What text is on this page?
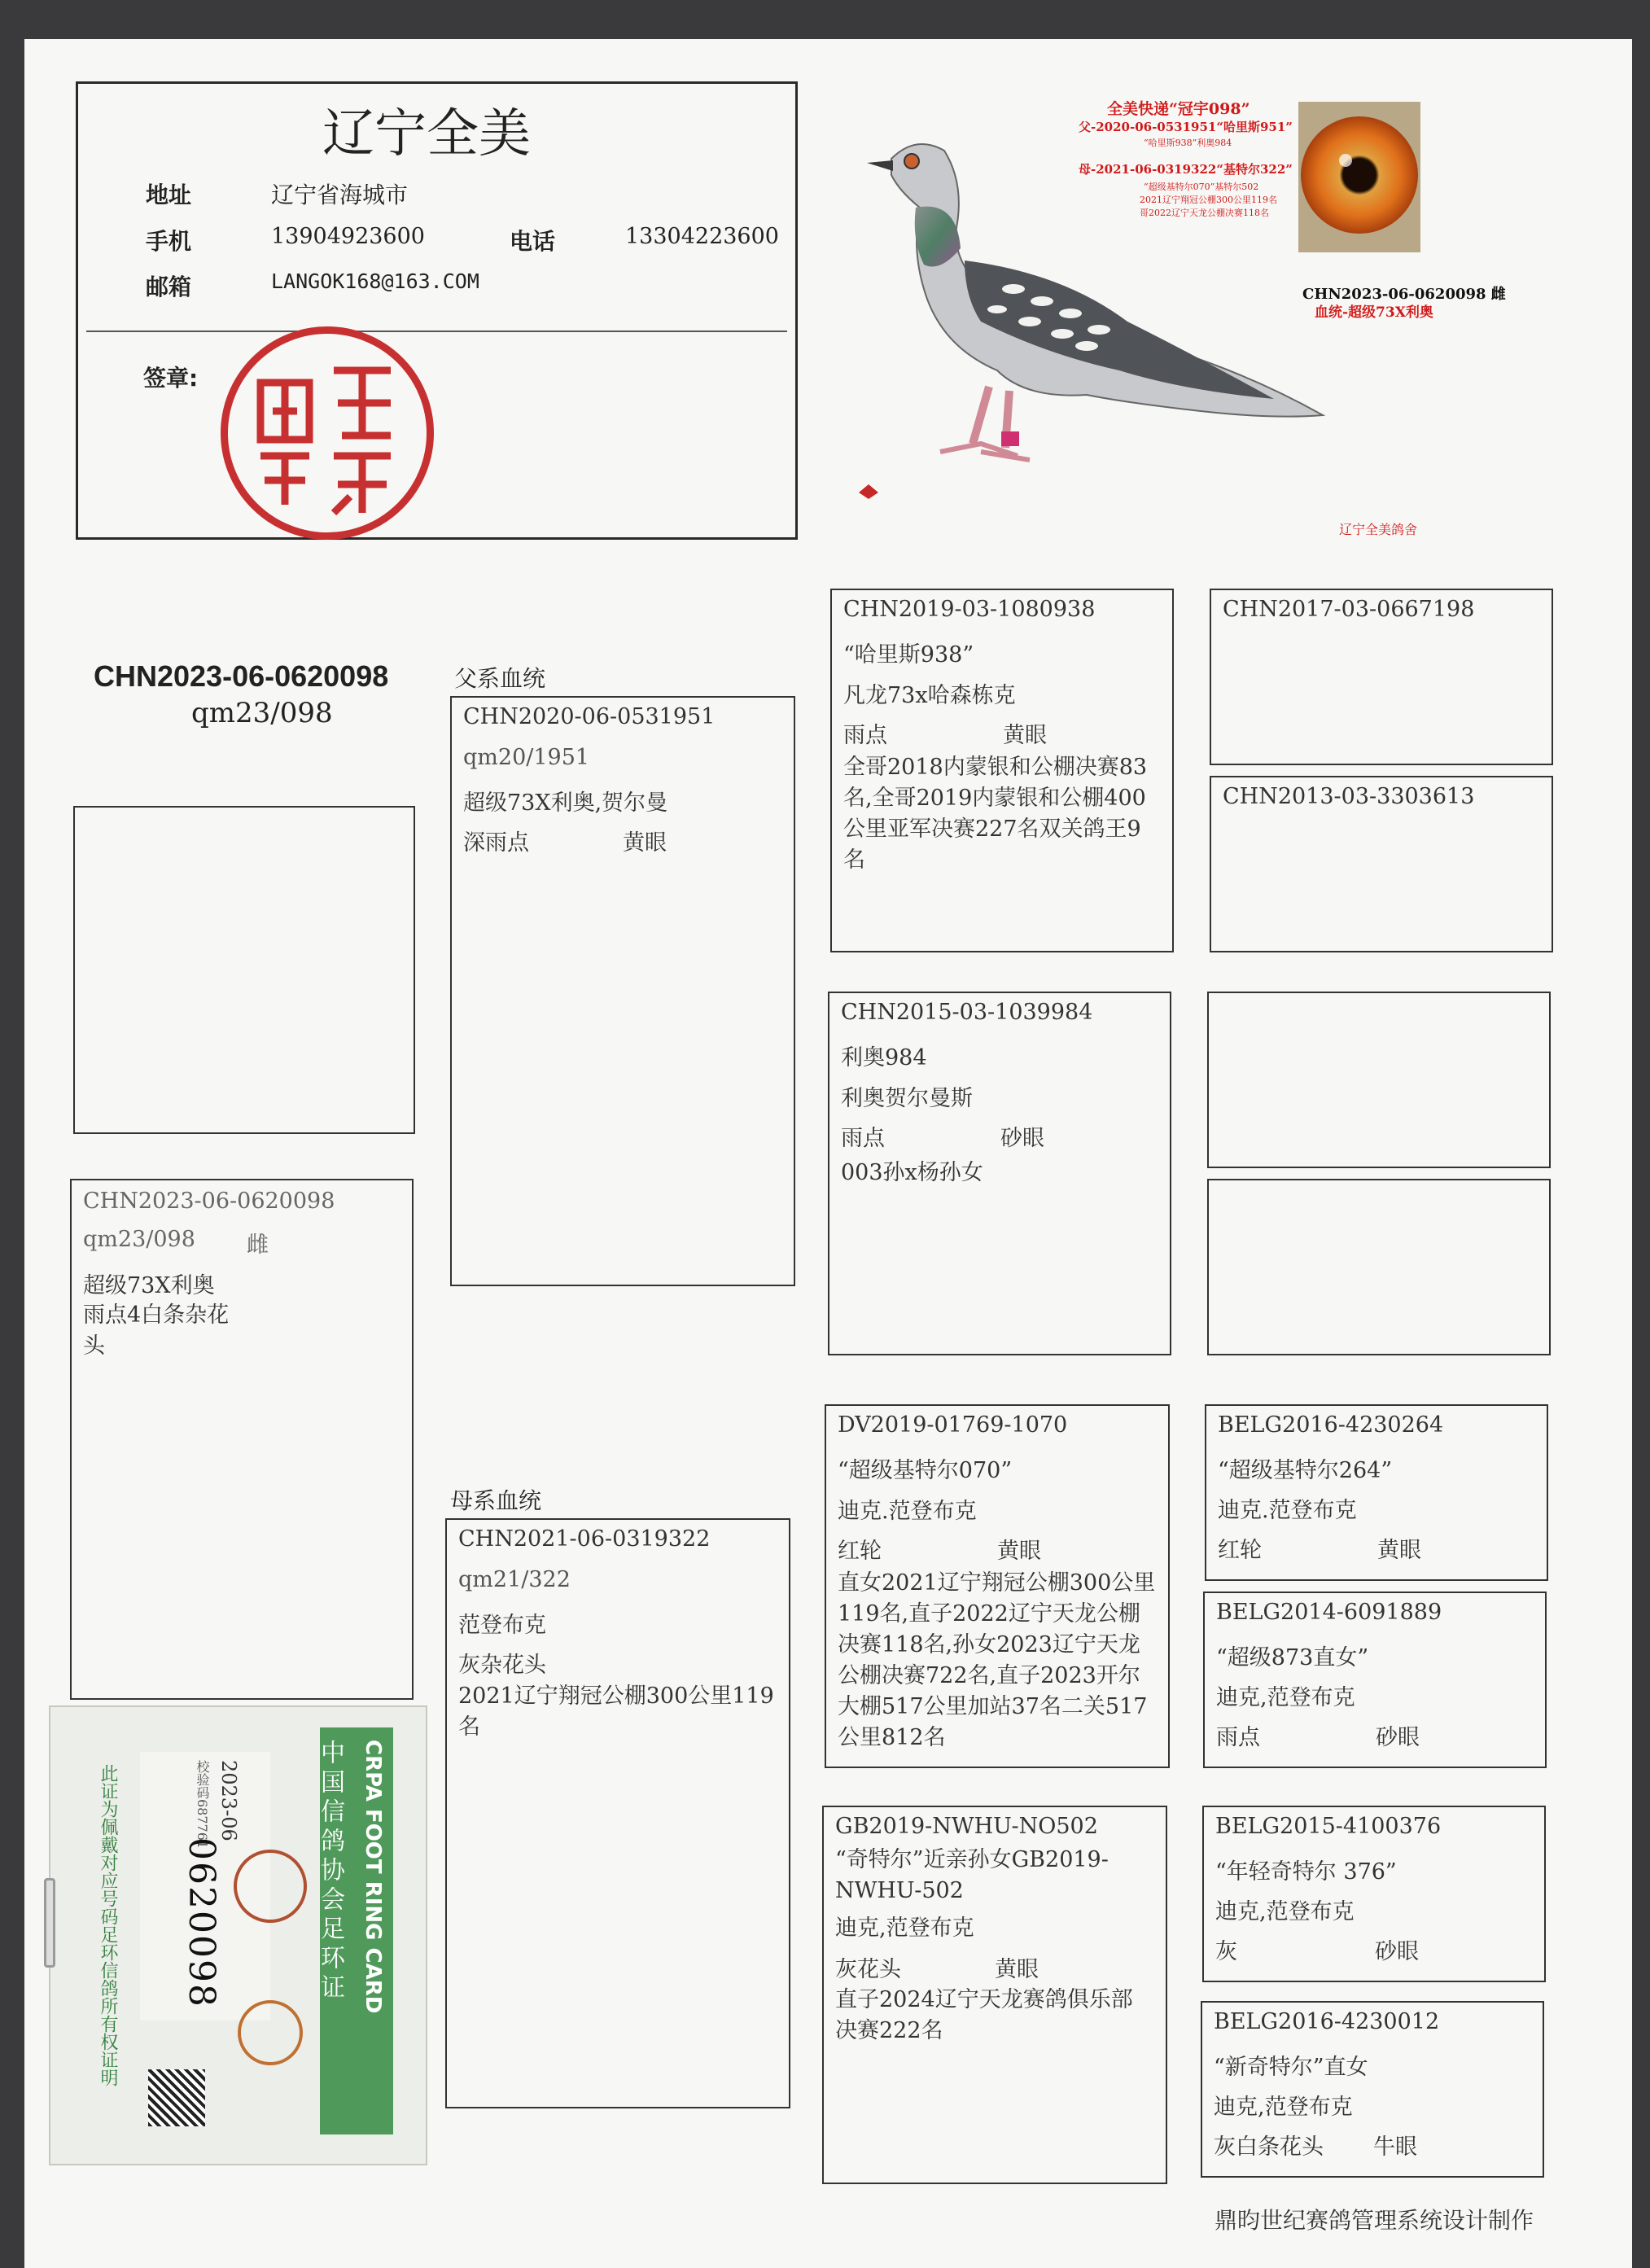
辽宁全美
地址	辽宁省海城市
手机	13904923600	电话	13304223600
邮箱	LANGOK168@163.COM
签章:
全美快递“冠宇098”
父-2020-06-0531951“哈里斯951”
“哈里斯938”利奥984
母-2021-06-0319322“基特尔322”
“超级基特尔070”基特尔502
2021辽宁翔冠公棚300公里119名
哥2022辽宁天龙公棚决赛118名
CHN2023-06-0620098 雌
血统-超级73X利奥
辽宁全美鸽舍
CHN2023-06-0620098
qm23/098
CHN2023-06-0620098
qm23/098 雌
超级73X利奥
雨点4白条杂花头
父系血统
母系血统
CHN2020-06-0531951
qm20/1951
超级73X利奥,贺尔曼
深雨点	黄眼
CHN2021-06-0319322
qm21/322
范登布克
灰杂花头
2021辽宁翔冠公棚300公里119名
CHN2019-03-1080938
“哈里斯938”
凡龙73x哈森栋克
雨点	黄眼
全哥2018内蒙银和公棚决赛83名,全哥2019内蒙银和公棚400公里亚军决赛227名双关鸽王9名
CHN2015-03-1039984
利奥984
利奥贺尔曼斯
雨点	砂眼
003孙x杨孙女
DV2019-01769-1070
“超级基特尔070”
迪克.范登布克
红轮	黄眼
直女2021辽宁翔冠公棚300公里119名,直子2022辽宁天龙公棚决赛118名,孙女2023辽宁天龙公棚决赛722名,直子2023开尔大棚517公里加站37名二关517公里812名
GB2019-NWHU-NO502
“奇特尔”近亲孙女GB2019-NWHU-502
迪克,范登布克
灰花头	黄眼
直子2024辽宁天龙赛鸽俱乐部决赛222名
CHN2017-03-0667198
CHN2013-03-3303613
BELG2016-4230264
“超级基特尔264”
迪克.范登布克
红轮	黄眼
BELG2014-6091889
“超级873直女”
迪克,范登布克
雨点	砂眼
BELG2015-4100376
“年轻奇特尔 376”
迪克,范登布克
灰	砂眼
BELG2016-4230012
“新奇特尔”直女
迪克,范登布克
灰白条花头 牛眼
中国信鸽协会足环证 CRPA FOOT RING CARD
2023-06
校验码687761
0620098
此证为佩戴对应号码足环信鸽所有权证明
鼎昀世纪赛鸽管理系统设计制作
